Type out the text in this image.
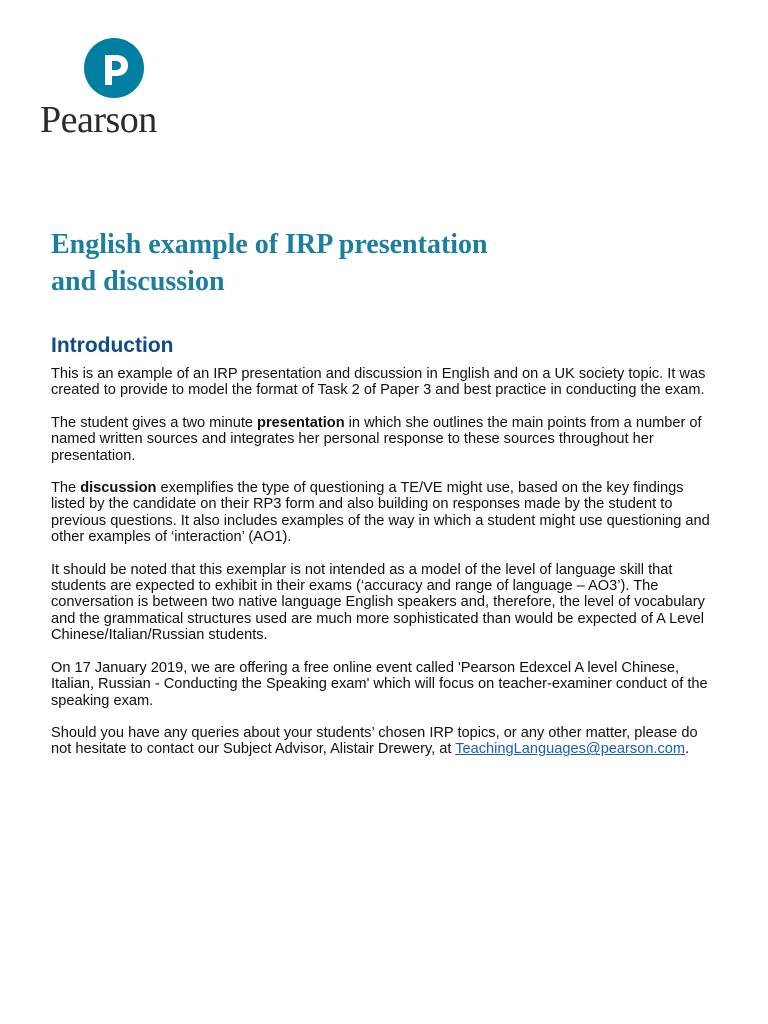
Pearson
English example of IRP presentation
and discussion
Introduction

This is an example of an IRP presentation and discussion in English and on a UK society topic. It was created to provide to model the format of Task 2 of Paper 3 and best practice in conducting the exam.

The student gives a two minute presentation in which she outlines the main points from a number of named written sources and integrates her personal response to these sources throughout her presentation.

The discussion exemplifies the type of questioning a TE/VE might use, based on the key findings listed by the candidate on their RP3 form and also building on responses made by the student to previous questions. It also includes examples of the way in which a student might use questioning and other examples of ‘interaction’ (AO1).

It should be noted that this exemplar is not intended as a model of the level of language skill that students are expected to exhibit in their exams (‘accuracy and range of language – AO3’). The conversation is between two native language English speakers and, therefore, the level of vocabulary and the grammatical structures used are much more sophisticated than would be expected of A Level Chinese/Italian/Russian students.

On 17 January 2019, we are offering a free online event called 'Pearson Edexcel A level Chinese, Italian, Russian - Conducting the Speaking exam' which will focus on teacher-examiner conduct of the speaking exam.

Should you have any queries about your students’ chosen IRP topics, or any other matter, please do not hesitate to contact our Subject Advisor, Alistair Drewery, at TeachingLanguages@pearson.com.
